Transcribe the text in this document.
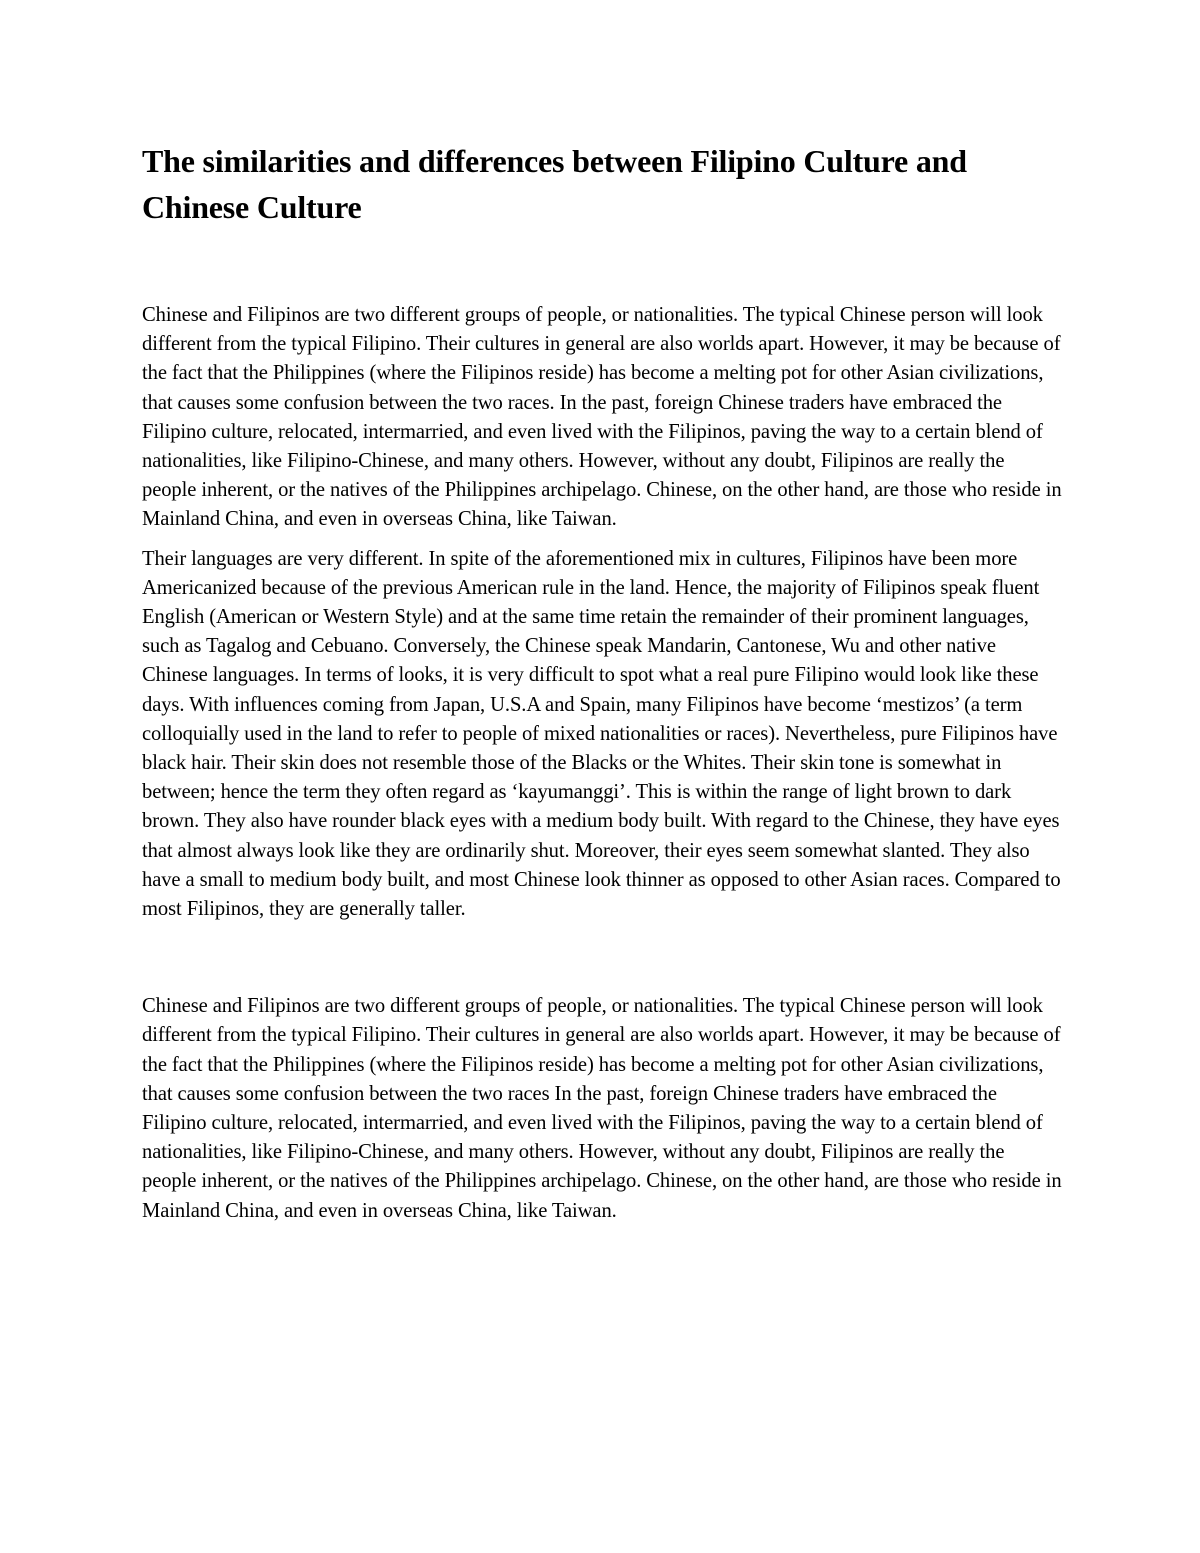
The similarities and differences between Filipino Culture and Chinese Culture

Chinese and Filipinos are two different groups of people, or nationalities. The typical Chinese person will look different from the typical Filipino. Their cultures in general are also worlds apart. However, it may be because of the fact that the Philippines (where the Filipinos reside) has become a melting pot for other Asian civilizations, that causes some confusion between the two races. In the past, foreign Chinese traders have embraced the Filipino culture, relocated, intermarried, and even lived with the Filipinos, paving the way to a certain blend of nationalities, like Filipino-Chinese, and many others. However, without any doubt, Filipinos are really the people inherent, or the natives of the Philippines archipelago. Chinese, on the other hand, are those who reside in Mainland China, and even in overseas China, like Taiwan.

Their languages are very different. In spite of the aforementioned mix in cultures, Filipinos have been more Americanized because of the previous American rule in the land. Hence, the majority of Filipinos speak fluent English (American or Western Style) and at the same time retain the remainder of their prominent languages, such as Tagalog and Cebuano. Conversely, the Chinese speak Mandarin, Cantonese, Wu and other native Chinese languages. In terms of looks, it is very difficult to spot what a real pure Filipino would look like these days. With influences coming from Japan, U.S.A and Spain, many Filipinos have become ‘mestizos’ (a term colloquially used in the land to refer to people of mixed nationalities or races). Nevertheless, pure Filipinos have black hair. Their skin does not resemble those of the Blacks or the Whites. Their skin tone is somewhat in between; hence the term they often regard as ‘kayumanggi’. This is within the range of light brown to dark brown. They also have rounder black eyes with a medium body built. With regard to the Chinese, they have eyes that almost always look like they are ordinarily shut. Moreover, their eyes seem somewhat slanted. They also have a small to medium body built, and most Chinese look thinner as opposed to other Asian races. Compared to most Filipinos, they are generally taller.

Chinese and Filipinos are two different groups of people, or nationalities. The typical Chinese person will look different from the typical Filipino. Their cultures in general are also worlds apart. However, it may be because of the fact that the Philippines (where the Filipinos reside) has become a melting pot for other Asian civilizations, that causes some confusion between the two races In the past, foreign Chinese traders have embraced the Filipino culture, relocated, intermarried, and even lived with the Filipinos, paving the way to a certain blend of nationalities, like Filipino-Chinese, and many others. However, without any doubt, Filipinos are really the people inherent, or the natives of the Philippines archipelago. Chinese, on the other hand, are those who reside in Mainland China, and even in overseas China, like Taiwan.
